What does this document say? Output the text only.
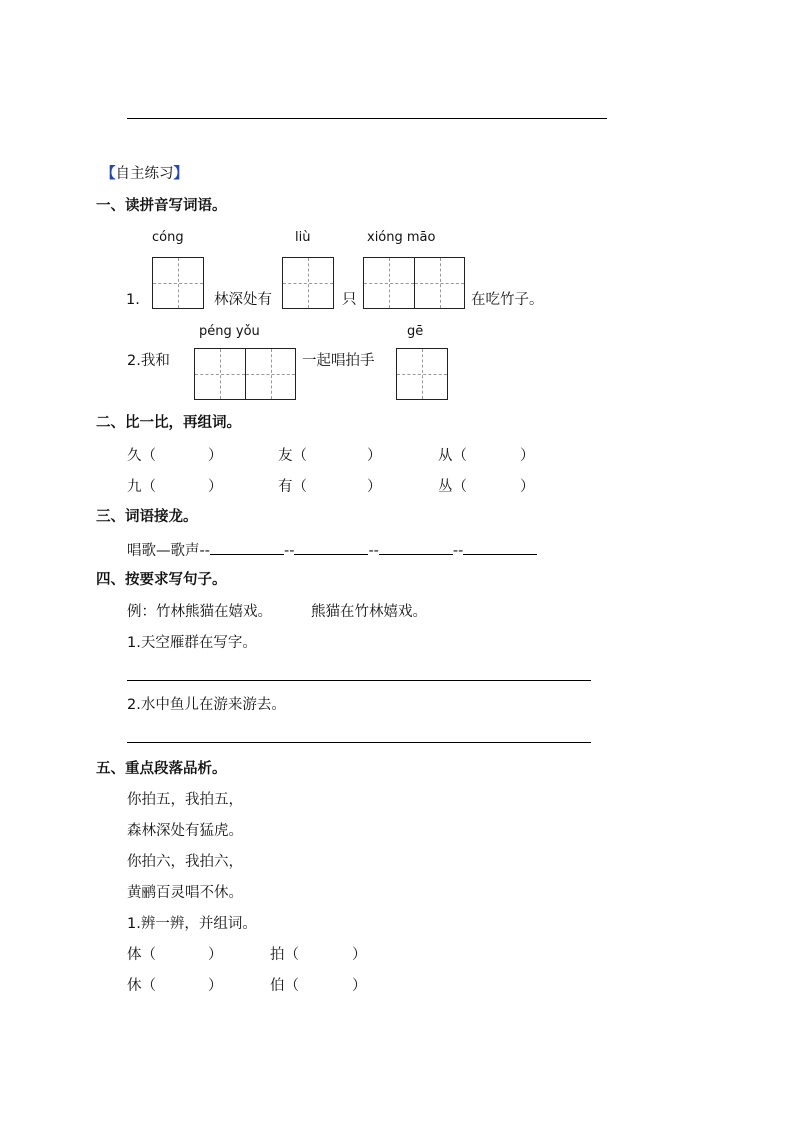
【自主练习】
一、读拼音写词语。
cóng	liù	xióng māo
1.	林深处有	只	在吃竹子。
péng yǒu	gē
2.我和	一起唱拍手
二、比一比，再组词。
久（	）	友（	）	从（	）
九（	）	有（	）	丛（	）
三、词语接龙。
唱歌—歌声--	--	--	--
四、按要求写句子。
例：竹林熊猫在嬉戏。	熊猫在竹林嬉戏。
1.天空雁群在写字。
2.水中鱼儿在游来游去。
五、重点段落品析。
你拍五，我拍五，
森林深处有猛虎。
你拍六，我拍六，
黄鹂百灵唱不休。
1.辨一辨，并组词。
体（	）	拍（	）
休（	）	伯（	）
